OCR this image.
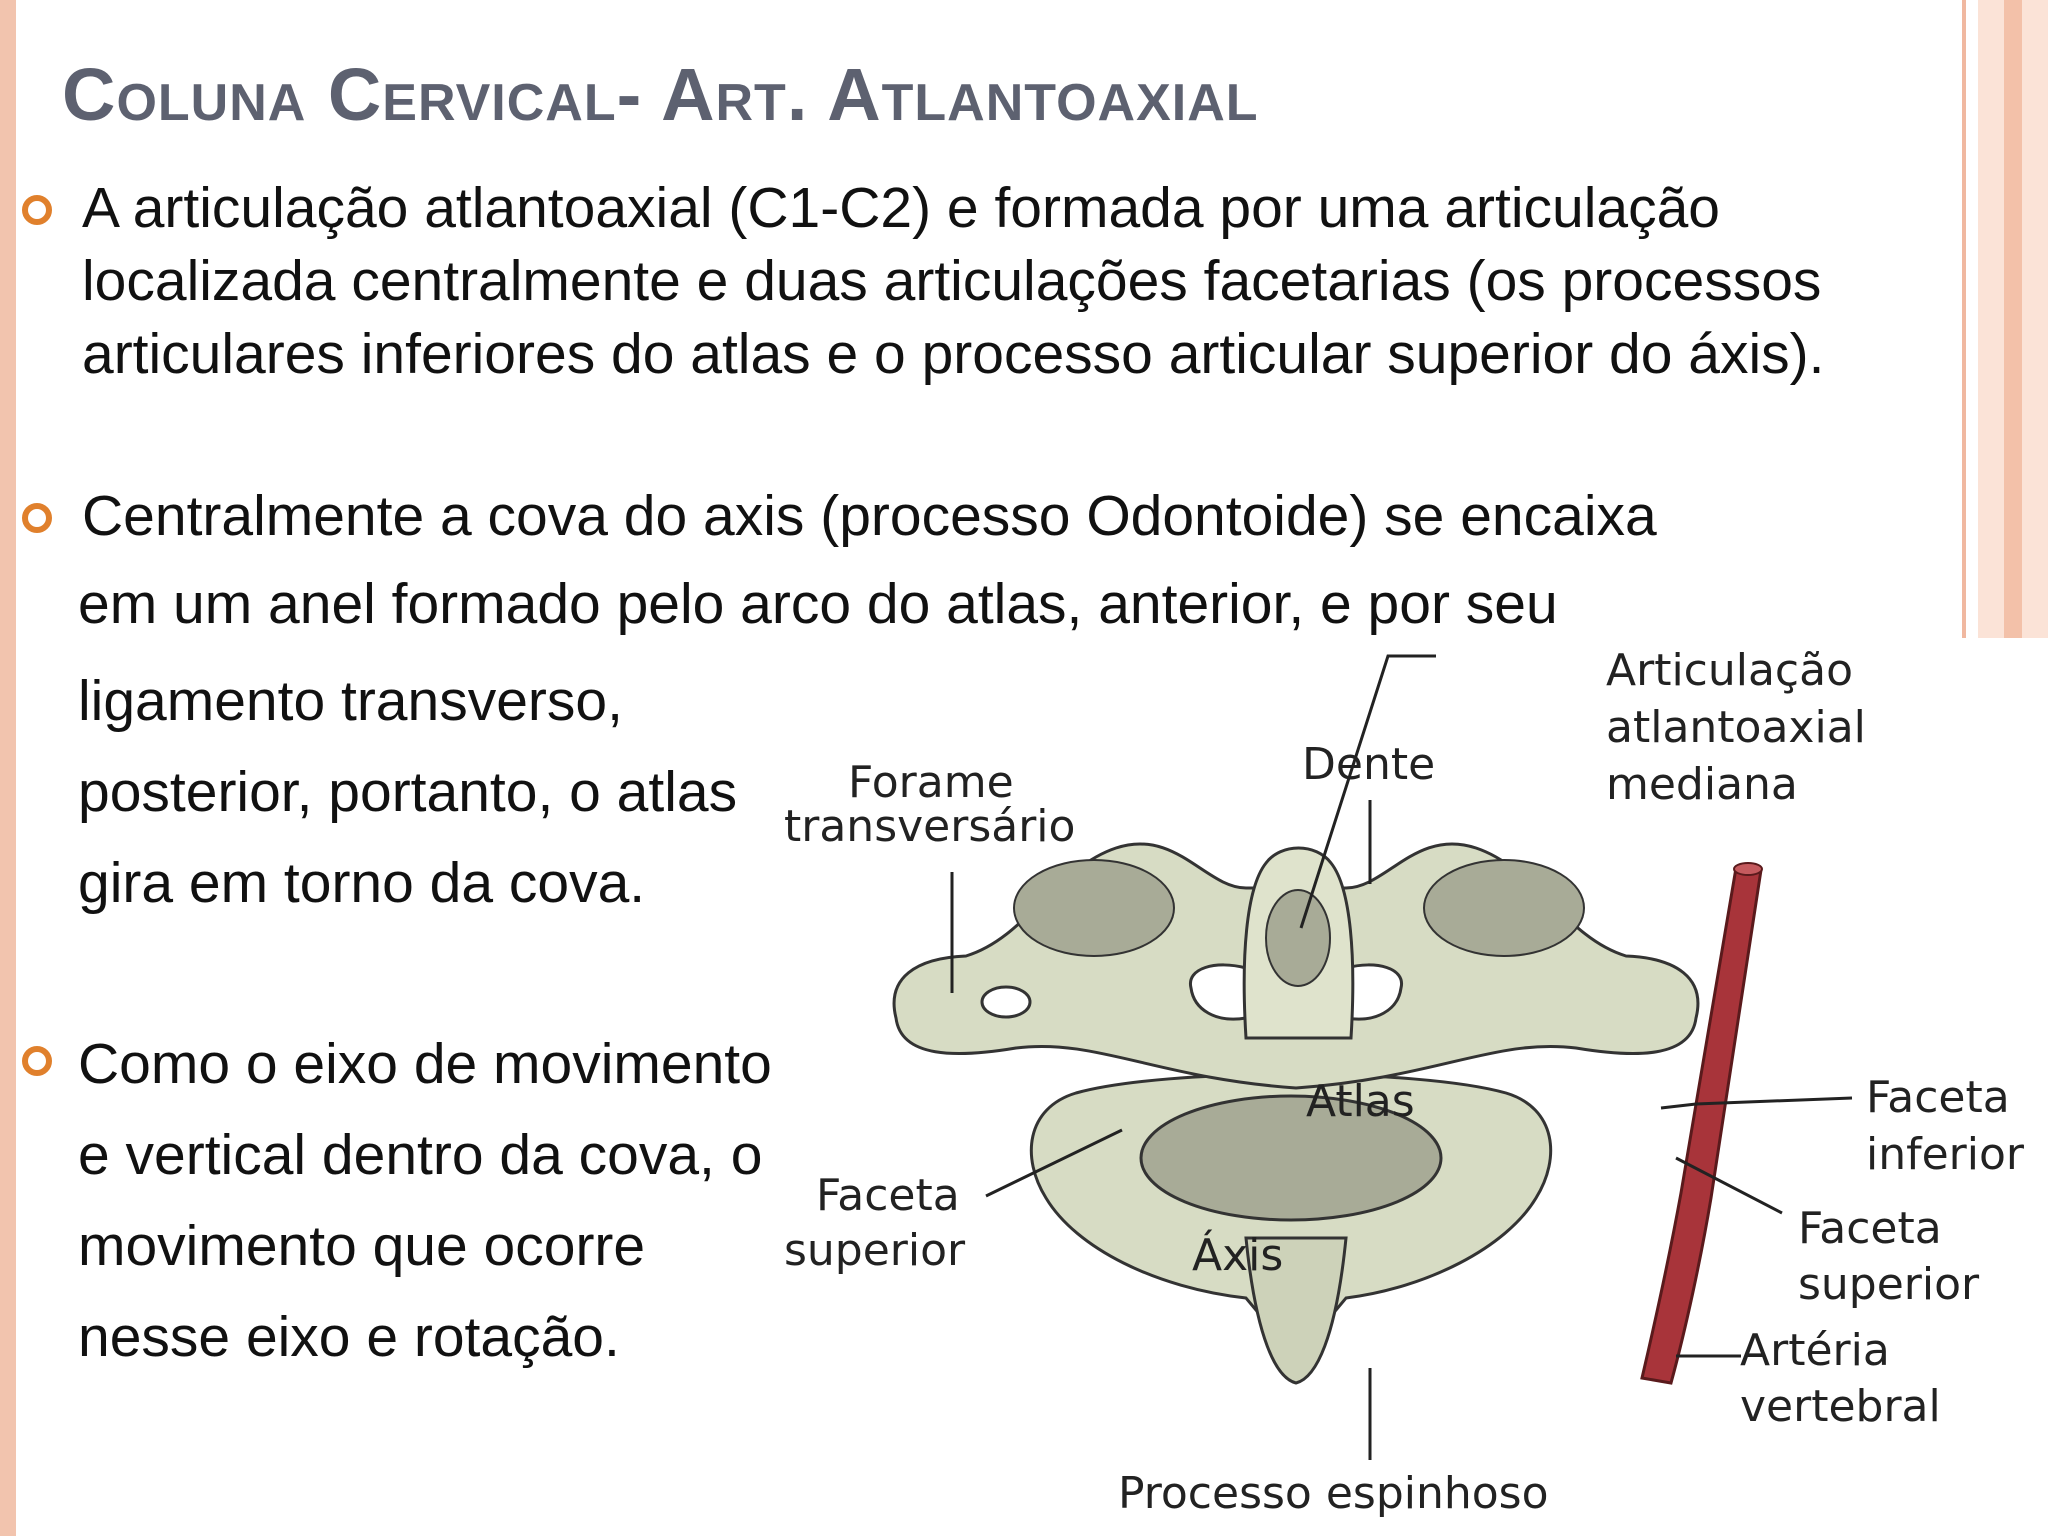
Coluna Cervical- Art. Atlantoaxial

A articulação atlantoaxial (C1-C2) e formada por uma articulação localizada centralmente e duas articulações facetarias (os processos articulares inferiores do atlas e o processo articular superior do áxis).

Centralmente a cova do axis (processo Odontoide) se encaixa

em um anel formado pelo arco do atlas, anterior, e por seu

ligamento transverso, posterior, portanto, o atlas gira em torno da cova.

Como o eixo de movimento e vertical dentro da cova, o movimento que ocorre nesse eixo e rotação.

Forame
transversário
Dente
Articulação
atlantoaxial
mediana
Atlas
Áxis
Faceta
superior
Faceta
inferior
Faceta
superior
Artéria
vertebral
Processo espinhoso
